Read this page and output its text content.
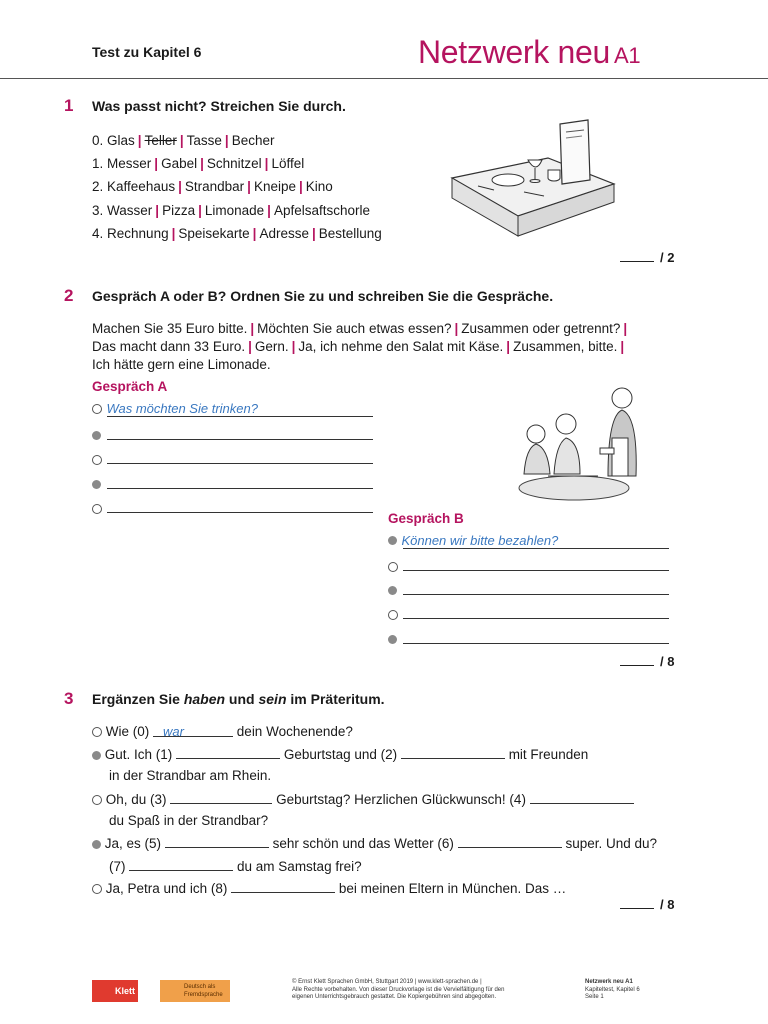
Test zu Kapitel 6	Netzwerk neu A1
1 Was passt nicht? Streichen Sie durch.
0. Glas | Teller | Tasse | Becher
1. Messer | Gabel | Schnitzel | Löffel
2. Kaffeehaus | Strandbar | Kneipe | Kino
3. Wasser | Pizza | Limonade | Apfelsaftschorle
4. Rechnung | Speisekarte | Adresse | Bestellung
/ 2
2 Gespräch A oder B? Ordnen Sie zu und schreiben Sie die Gespräche.
Machen Sie 35 Euro bitte. | Möchten Sie auch etwas essen? | Zusammen oder getrennt? |
Das macht dann 33 Euro. | Gern. | Ja, ich nehme den Salat mit Käse. | Zusammen, bitte. |
Ich hätte gern eine Limonade.
Gespräch A
Was möchten Sie trinken?
Gespräch B
Können wir bitte bezahlen?
/ 8
3 Ergänzen Sie haben und sein im Präteritum.
Wie (0) war	dein Wochenende?
Gut. Ich (1)	Geburtstag und (2)	mit Freunden
in der Strandbar am Rhein.
Oh, du (3)	Geburtstag? Herzlichen Glückwunsch! (4)
du Spaß in der Strandbar?
Ja, es (5)	sehr schön und das Wetter (6)	super. Und du?
(7)	du am Samstag frei?
Ja, Petra und ich (8)	bei meinen Eltern in München. Das …
/ 8
Klett	Deutsch als
Fremdsprache
© Ernst Klett Sprachen GmbH, Stuttgart 2019 | www.klett-sprachen.de |
Alle Rechte vorbehalten. Von dieser Druckvorlage ist die Vervielfältigung für den
eigenen Unterrichtsgebrauch gestattet. Die Kopiergebühren sind abgegolten.
Netzwerk neu A1
Kapiteltest, Kapitel 6
Seite 1
